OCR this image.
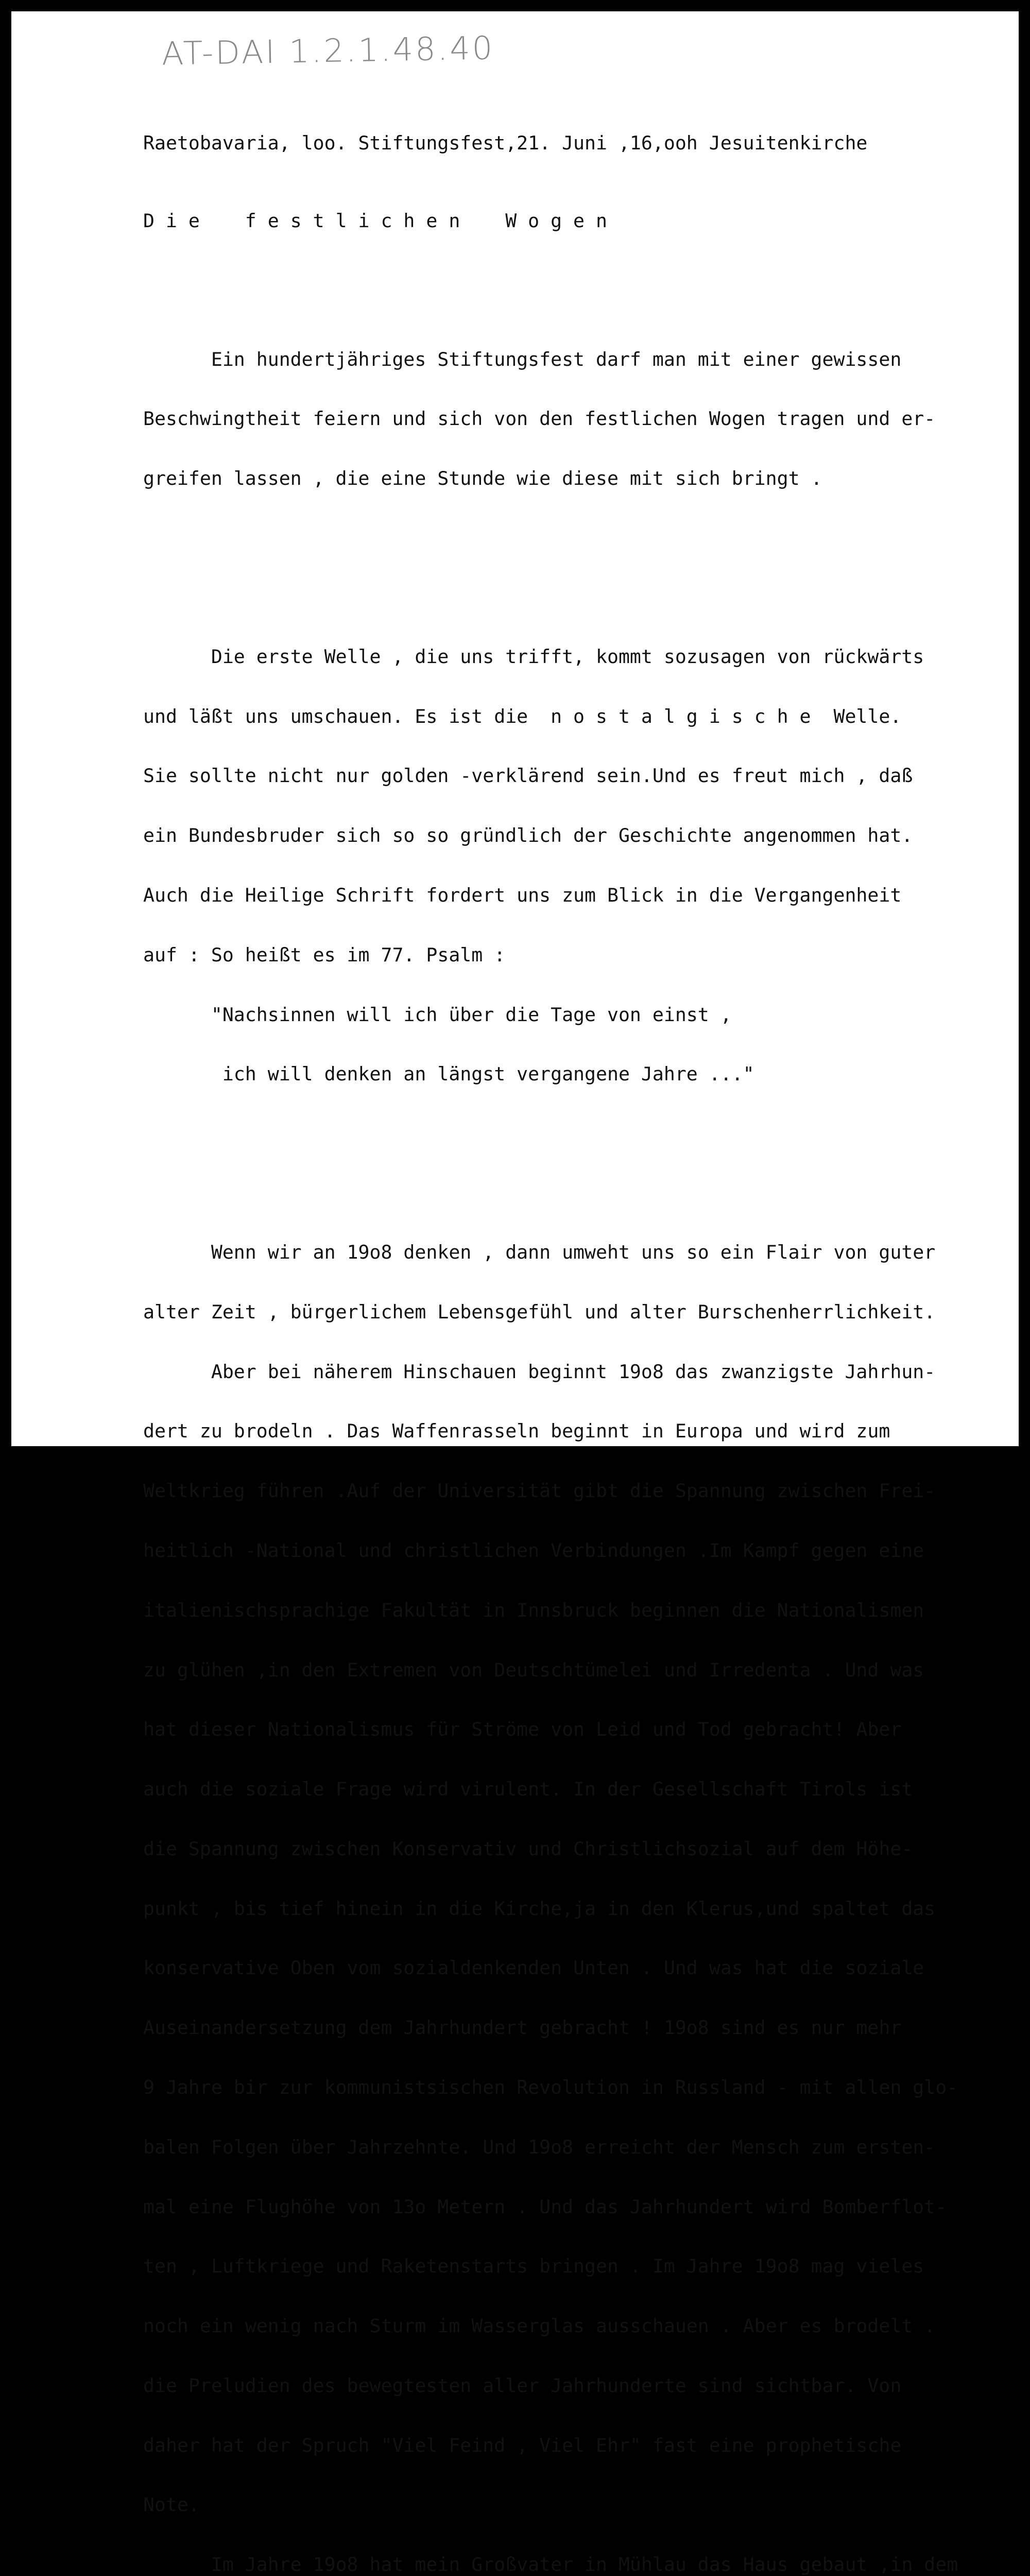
AT-DAI 1.2.1.48.40

Raetobavaria, loo. Stiftungsfest,21. Juni ,16,ooh Jesuitenkirche

D i e    f e s t l i c h e n    W o g e n

Ein hundertjähriges Stiftungsfest darf man mit einer gewissen

Beschwingtheit feiern und sich von den festlichen Wogen tragen und er-

greifen lassen , die eine Stunde wie diese mit sich bringt .

Die erste Welle , die uns trifft, kommt sozusagen von rückwärts

und läßt uns umschauen. Es ist die  n o s t a l g i s c h e  Welle.

Sie sollte nicht nur golden -verklärend sein.Und es freut mich , daß

ein Bundesbruder sich so so gründlich der Geschichte angenommen hat.

Auch die Heilige Schrift fordert uns zum Blick in die Vergangenheit

auf : So heißt es im 77. Psalm :

"Nachsinnen will ich über die Tage von einst ,

ich will denken an längst vergangene Jahre ..."

Wenn wir an 19o8 denken , dann umweht uns so ein Flair von guter

alter Zeit , bürgerlichem Lebensgefühl und alter Burschenherrlichkeit.

Aber bei näherem Hinschauen beginnt 19o8 das zwanzigste Jahrhun-

dert zu brodeln . Das Waffenrasseln beginnt in Europa und wird zum

Weltkrieg führen .Auf der Universität gibt die Spannung zwischen Frei-

heitlich -National und christlichen Verbindungen .Im Kampf gegen eine

italienischsprachige Fakultät in Innsbruck beginnen die Nationalismen

zu glühen ,in den Extremen von Deutschtümelei und Irredenta . Und was

hat dieser Nationalismus für Ströme von Leid und Tod gebracht! Aber

auch die soziale Frage wird virulent. In der Gesellschaft Tirols ist

die Spannung zwischen Konservativ und Christlichsozial auf dem Höhe-

punkt , bis tief hinein in die Kirche,ja in den Klerus,und spaltet das

konservative Oben vom sozialdenkenden Unten . Und was hat die soziale

Auseinandersetzung dem Jahrhundert gebracht ! 19o8 sind es nur mehr

9 Jahre bir zur kommunistsischen Revolution in Russland - mit allen glo-

balen Folgen über Jahrzehnte. Und 19o8 erreicht der Mensch zum ersten-

mal eine Flughöhe von 13o Metern . Und das Jahrhundert wird Bomberflot-

ten , Luftkriege und Raketenstarts bringen . Im Jahre 19o8 mag vieles

noch ein wenig nach Sturm im Wasserglas ausschauen . Aber es brodelt .

die Preludien des bewegtesten aller Jahrhunderte sind sichtbar. Von

daher hat der Spruch "Viel Feind , Viel Ehr" fast eine prophetische

Note.

Im Jahre 19o8 hat mein Großvater in Mühlau das Haus gebaut ,in dem
